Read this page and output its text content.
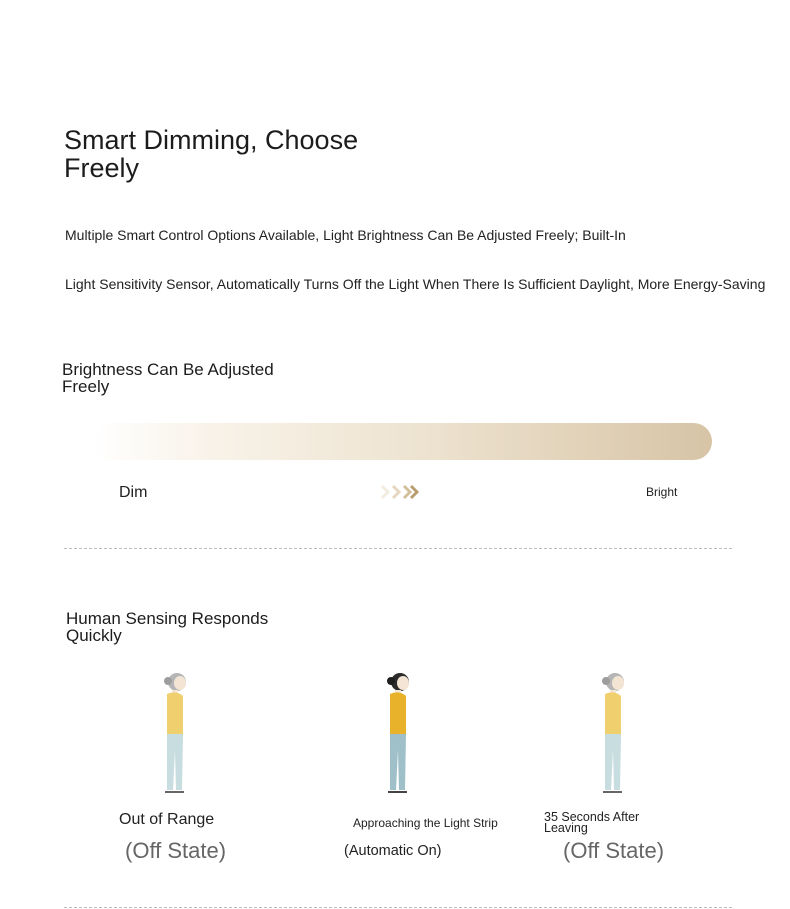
Smart Dimming, Choose Freely
Multiple Smart Control Options Available, Light Brightness Can Be Adjusted Freely; Built-In
Light Sensitivity Sensor, Automatically Turns Off the Light When There Is Sufficient Daylight, More Energy-Saving
Brightness Can Be Adjusted Freely
Dim	Bright
Human Sensing Responds Quickly
Out of Range
(Off State)
Approaching the Light Strip
(Automatic On)
35 Seconds After Leaving
(Off State)
